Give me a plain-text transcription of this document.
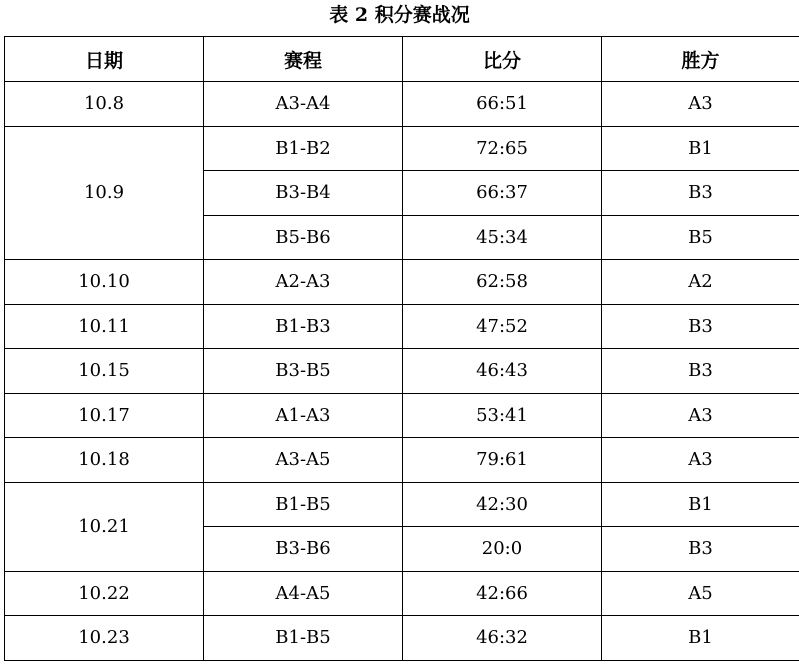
表 2 积分赛战况
日期	赛程	比分	胜方
10.8	A3-A4	66:51	A3
10.9	B1-B2	72:65	B1
	B3-B4	66:37	B3
	B5-B6	45:34	B5
10.10	A2-A3	62:58	A2
10.11	B1-B3	47:52	B3
10.15	B3-B5	46:43	B3
10.17	A1-A3	53:41	A3
10.18	A3-A5	79:61	A3
10.21	B1-B5	42:30	B1
	B3-B6	20:0	B3
10.22	A4-A5	42:66	A5
10.23	B1-B5	46:32	B1
